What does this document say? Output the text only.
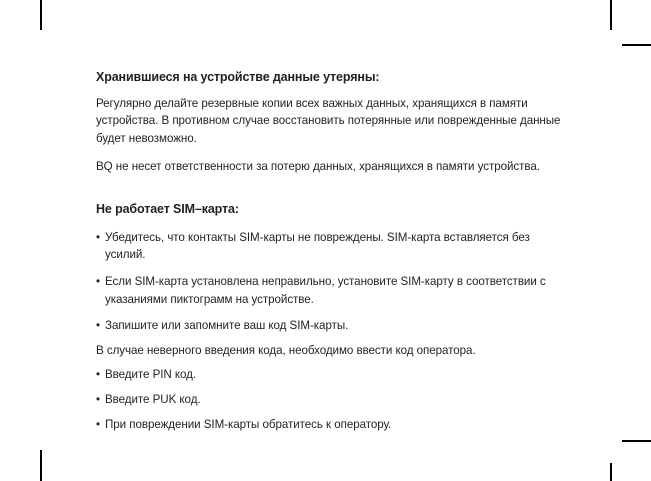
Хранившиеся на устройстве данные утеряны:

Регулярно делайте резервные копии всех важных данных, хранящихся в памяти устройства. В противном случае восстановить потерянные или поврежденные данные будет невозможно.

BQ не несет ответственности за потерю данных, хранящихся в памяти устройства.

Не работает SIM–карта:
• Убедитесь, что контакты SIM-карты не повреждены. SIM-карта вставляется без усилий.
• Если SIM-карта установлена неправильно, установите SIM-карту в соответствии с указаниями пиктограмм на устройстве.
• Запишите или запомните ваш код SIM-карты.
В случае неверного введения кода, необходимо ввести код оператора.
• Введите PIN код.
• Введите PUK код.
• При повреждении SIM-карты обратитесь к оператору.
